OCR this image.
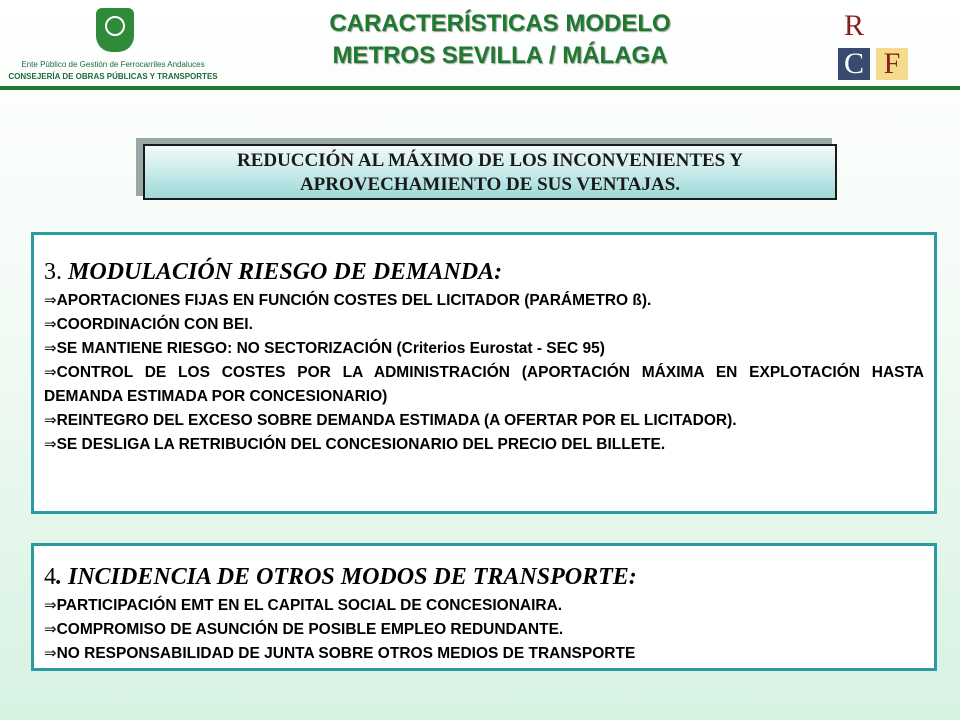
Ente Público de Gestión de Ferrocarriles Andaluces
CONSEJERÍA DE OBRAS PÚBLICAS Y TRANSPORTES
CARACTERÍSTICAS MODELO
METROS SEVILLA / MÁLAGA
R
C F
REDUCCIÓN AL MÁXIMO DE LOS INCONVENIENTES Y
APROVECHAMIENTO DE SUS VENTAJAS.
3. MODULACIÓN RIESGO DE DEMANDA:
⇒APORTACIONES FIJAS EN FUNCIÓN COSTES DEL LICITADOR (PARÁMETRO ß).
⇒COORDINACIÓN CON BEI.
⇒SE MANTIENE RIESGO: NO SECTORIZACIÓN (Criterios Eurostat - SEC 95)
⇒CONTROL DE LOS COSTES POR LA ADMINISTRACIÓN (APORTACIÓN MÁXIMA EN EXPLOTACIÓN HASTA DEMANDA ESTIMADA POR CONCESIONARIO)
⇒REINTEGRO DEL EXCESO SOBRE DEMANDA ESTIMADA (A OFERTAR POR EL LICITADOR).
⇒SE DESLIGA LA RETRIBUCIÓN DEL CONCESIONARIO DEL PRECIO DEL BILLETE.
4. INCIDENCIA DE OTROS MODOS DE TRANSPORTE:
⇒PARTICIPACIÓN EMT EN EL CAPITAL SOCIAL DE CONCESIONAIRA.
⇒COMPROMISO DE ASUNCIÓN DE POSIBLE EMPLEO REDUNDANTE.
⇒NO RESPONSABILIDAD DE JUNTA SOBRE OTROS MEDIOS DE TRANSPORTE
